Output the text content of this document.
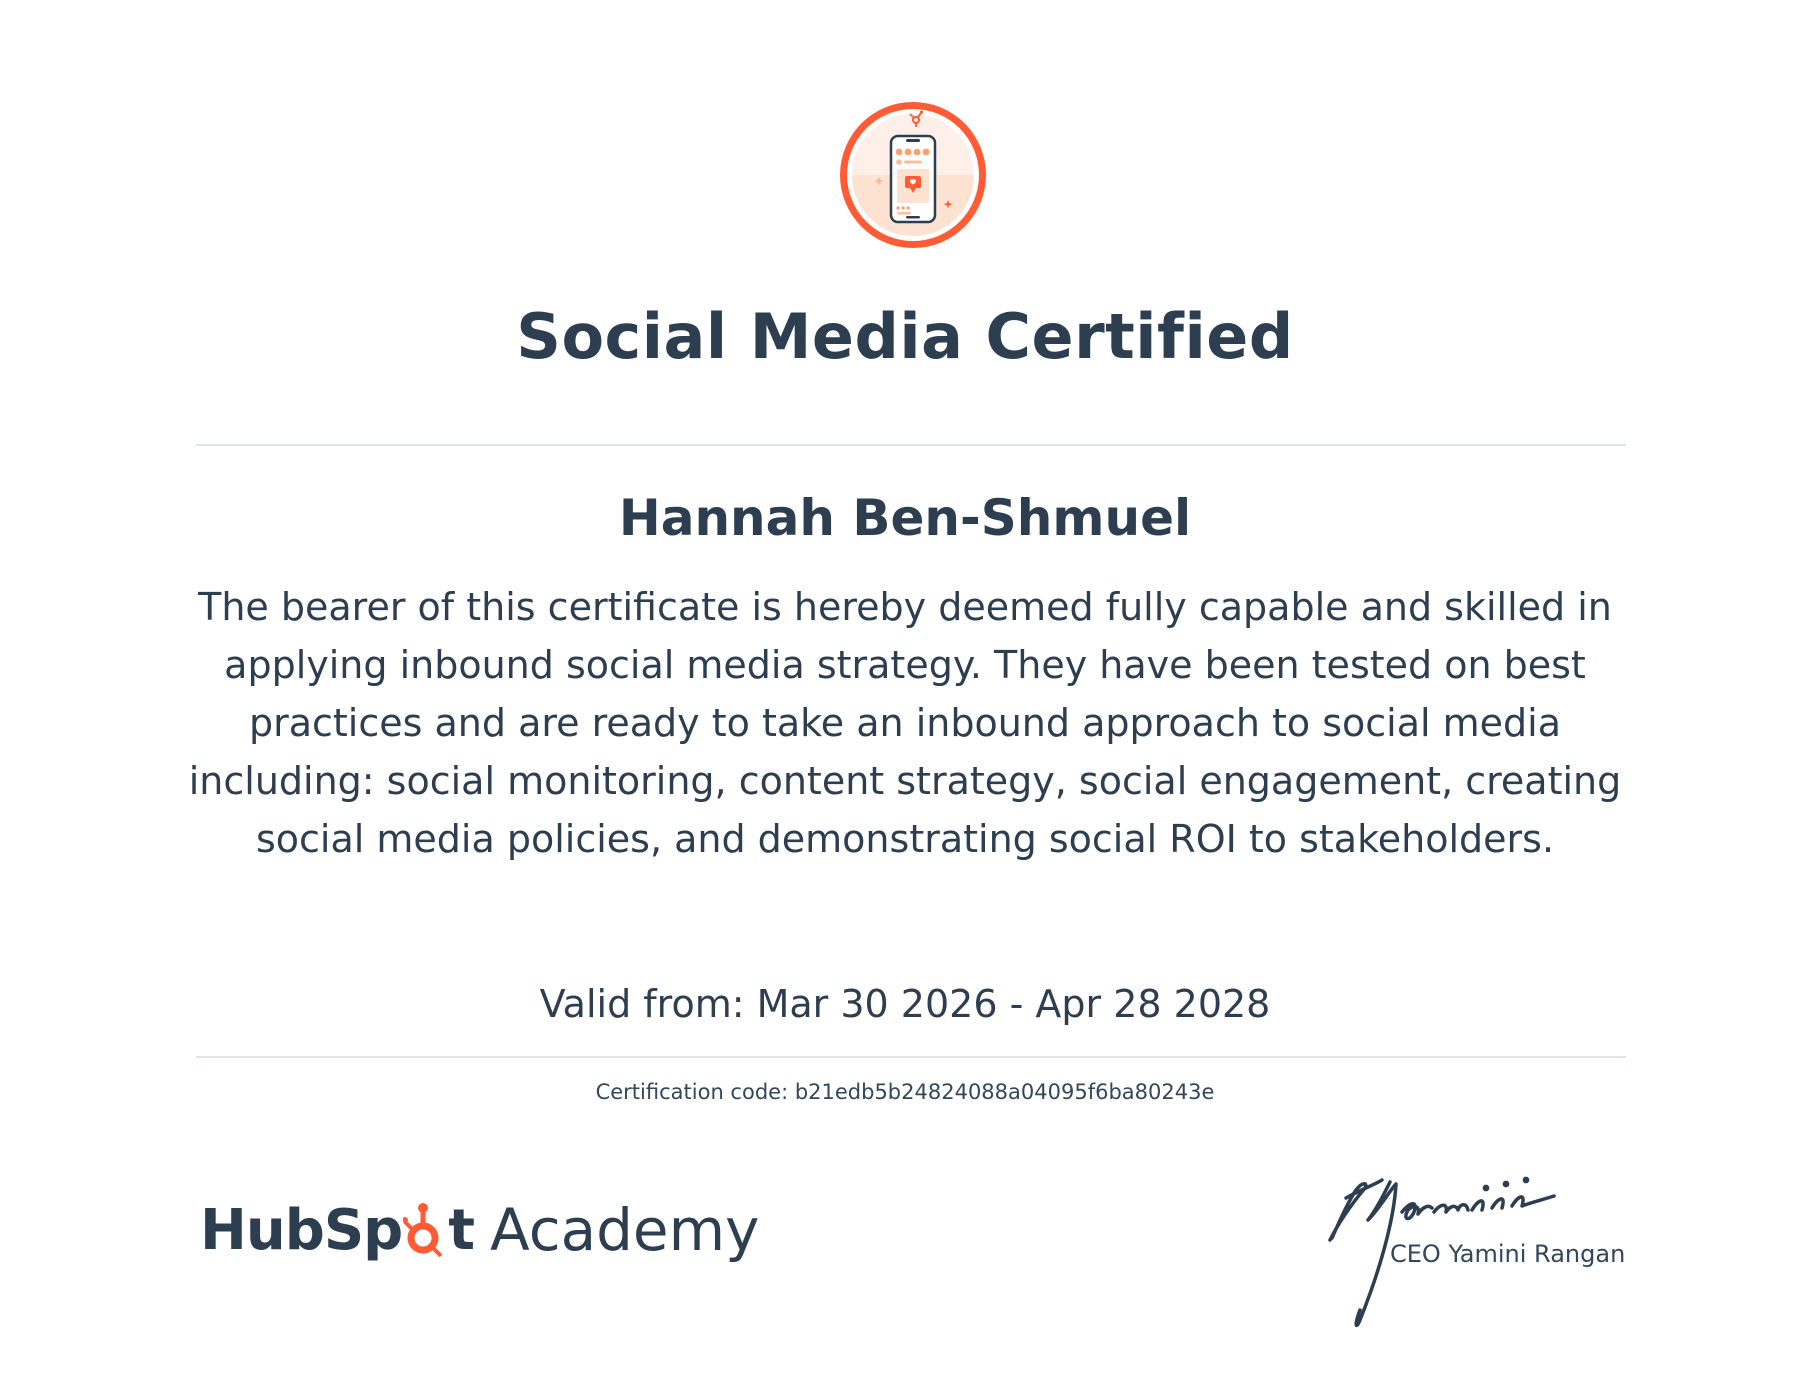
Social Media Certified
Hannah Ben-Shmuel

The bearer of this certificate is hereby deemed fully capable and skilled in applying inbound social media strategy. They have been tested on best practices and are ready to take an inbound approach to social media including: social monitoring, content strategy, social engagement, creating social media policies, and demonstrating social ROI to stakeholders.

Valid from: Mar 30 2026 - Apr 28 2028
Certification code: b21edb5b24824088a04095f6ba80243e
HubSp t Academy	CEO Yamini Rangan
